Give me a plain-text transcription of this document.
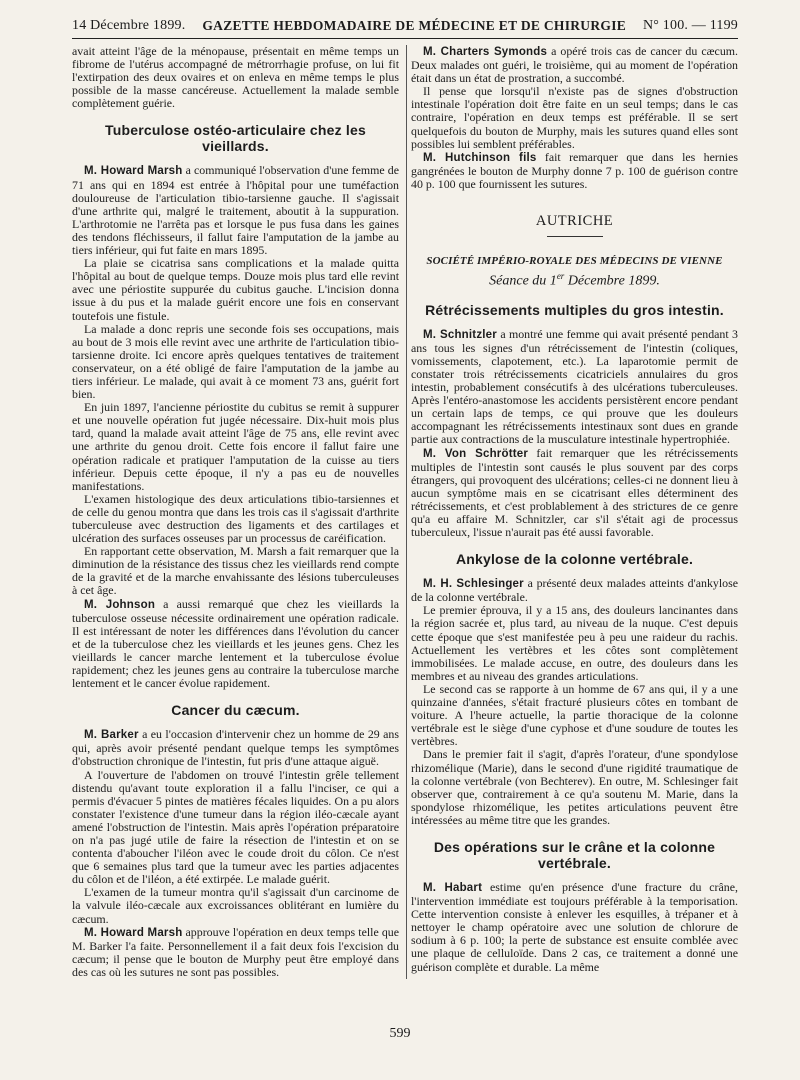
14 Décembre 1899. GAZETTE HEBDOMADAIRE DE MÉDECINE ET DE CHIRURGIE N° 100. — 1199

avait atteint l'âge de la ménopause, présentait en même temps un fibrome de l'utérus accompagné de métrorrhagie profuse, on lui fit l'extirpation des deux ovaires et on enleva en même temps le plus possible de la masse cancéreuse. Actuellement la malade semble complètement guérie.

Tuberculose ostéo-articulaire chez les vieillards.

M. Howard Marsh a communiqué l'observation d'une femme de 71 ans qui en 1894 est entrée à l'hôpital pour une tuméfaction douloureuse de l'articulation tibio-tarsienne gauche. Il s'agissait d'une arthrite qui, malgré le traitement, aboutit à la suppuration. L'arthrotomie ne l'arrêta pas et lorsque le pus fusa dans les gaines des tendons fléchisseurs, il fallut faire l'amputation de la jambe au tiers inférieur, qui fut faite en mars 1895.

La plaie se cicatrisa sans complications et la malade quitta l'hôpital au bout de quelque temps. Douze mois plus tard elle revint avec une périostite suppurée du cubitus gauche. L'incision donna issue à du pus et la malade guérit encore une fois en conservant toutefois une fistule.

La malade a donc repris une seconde fois ses occupations, mais au bout de 3 mois elle revint avec une arthrite de l'articulation tibio-tarsienne droite. Ici encore après quelques tentatives de traitement conservateur, on a été obligé de faire l'amputation de la jambe au tiers inférieur. Le malade, qui avait à ce moment 73 ans, guérit fort bien.

En juin 1897, l'ancienne périostite du cubitus se remit à suppurer et une nouvelle opération fut jugée nécessaire. Dix-huit mois plus tard, quand la malade avait atteint l'âge de 75 ans, elle revint avec une arthrite du genou droit. Cette fois encore il fallut faire une opération radicale et pratiquer l'amputation de la cuisse au tiers inférieur. Depuis cette époque, il n'y a pas eu de nouvelles manifestations.

L'examen histologique des deux articulations tibio-tarsiennes et de celle du genou montra que dans les trois cas il s'agissait d'arthrite tuberculeuse avec destruction des ligaments et des cartilages et ulcération des surfaces osseuses par un processus de caréification.

En rapportant cette observation, M. Marsh a fait remarquer que la diminution de la résistance des tissus chez les vieillards rend compte de la gravité et de la marche envahissante des lésions tuberculeuses à cet âge.

M. Johnson a aussi remarqué que chez les vieillards la tuberculose osseuse nécessite ordinairement une opération radicale. Il est intéressant de noter les différences dans l'évolution du cancer et de la tuberculose chez les vieillards et les jeunes gens. Chez les vieillards le cancer marche lentement et la tuberculose évolue rapidement; chez les jeunes gens au contraire la tuberculose marche lentement et le cancer évolue rapidement.

Cancer du cæcum.

M. Barker a eu l'occasion d'intervenir chez un homme de 29 ans qui, après avoir présenté pendant quelque temps les symptômes d'obstruction chronique de l'intestin, fut pris d'une attaque aiguë.

A l'ouverture de l'abdomen on trouvé l'intestin grêle tellement distendu qu'avant toute exploration il a fallu l'inciser, ce qui a permis d'évacuer 5 pintes de matières fécales liquides. On a pu alors constater l'existence d'une tumeur dans la région iléo-cæcale ayant amené l'obstruction de l'intestin. Mais après l'opération préparatoire on n'a pas jugé utile de faire la résection de l'intestin et on se contenta d'aboucher l'iléon avec le coude droit du côlon. Ce n'est que 6 semaines plus tard que la tumeur avec les parties adjacentes du côlon et de l'iléon, a été extirpée. Le malade guérit.

L'examen de la tumeur montra qu'il s'agissait d'un carcinome de la valvule iléo-cæcale aux excroissances oblitérant en lumière du cæcum.

M. Howard Marsh approuve l'opération en deux temps telle que M. Barker l'a faite. Personnellement il a fait deux fois l'excision du cæcum; il pense que le bouton de Murphy peut être employé dans des cas où les sutures ne sont pas possibles.

M. Charters Symonds a opéré trois cas de cancer du cæcum. Deux malades ont guéri, le troisième, qui au moment de l'opération était dans un état de prostration, a succombé.

Il pense que lorsqu'il n'existe pas de signes d'obstruction intestinale l'opération doit être faite en un seul temps; dans le cas contraire, l'opération en deux temps est préférable. Il se sert quelquefois du bouton de Murphy, mais les sutures quand elles sont possibles lui semblent préférables.

M. Hutchinson fils fait remarquer que dans les hernies gangrénées le bouton de Murphy donne 7 p. 100 de guérison contre 40 p. 100 que fournissent les sutures.

AUTRICHE
SOCIÉTÉ IMPÉRIO-ROYALE DES MÉDECINS DE VIENNE
Séance du 1er Décembre 1899.
Rétrécissements multiples du gros intestin.

M. Schnitzler a montré une femme qui avait présenté pendant 3 ans tous les signes d'un rétrécissement de l'intestin (coliques, vomissements, clapotement, etc.). La laparotomie permit de constater trois rétrécissements cicatriciels annulaires du gros intestin, probablement consécutifs à des ulcérations tuberculeuses. Après l'entéro-anastomose les accidents persistèrent encore pendant un certain laps de temps, ce qui prouve que les douleurs accompagnant les rétrécissements intestinaux sont dues en grande partie aux contractions de la musculature intestinale hypertrophiée.

M. Von Schrötter fait remarquer que les rétrécissements multiples de l'intestin sont causés le plus souvent par des corps étrangers, qui provoquent des ulcérations; celles-ci ne donnent lieu à aucun symptôme mais en se cicatrisant elles déterminent des rétrécissements, et c'est problablement à des strictures de ce genre qu'a eu affaire M. Schnitzler, car s'il s'était agi de processus tuberculeux, l'issue n'aurait pas été aussi favorable.

Ankylose de la colonne vertébrale.

M. H. Schlesinger a présenté deux malades atteints d'ankylose de la colonne vertébrale.

Le premier éprouva, il y a 15 ans, des douleurs lancinantes dans la région sacrée et, plus tard, au niveau de la nuque. C'est depuis cette époque que s'est manifestée peu à peu une raideur du rachis. Actuellement les vertèbres et les côtes sont complètement immobilisées. Le malade accuse, en outre, des douleurs dans les membres et au niveau des grandes articulations.

Le second cas se rapporte à un homme de 67 ans qui, il y a une quinzaine d'années, s'était fracturé plusieurs côtes en tombant de voiture. A l'heure actuelle, la partie thoracique de la colonne vertébrale est le siège d'une cyphose et d'une soudure de toutes les vertèbres.

Dans le premier fait il s'agit, d'après l'orateur, d'une spondylose rhizomélique (Marie), dans le second d'une rigidité traumatique de la colonne vertébrale (von Bechterev). En outre, M. Schlesinger fait observer que, contrairement à ce qu'a soutenu M. Marie, dans la spondylose rhizomélique, les petites articulations peuvent être intéressées au même titre que les grandes.

Des opérations sur le crâne et la colonne vertébrale.

M. Habart estime qu'en présence d'une fracture du crâne, l'intervention immédiate est toujours préférable à la temporisation. Cette intervention consiste à enlever les esquilles, à trépaner et à nettoyer le champ opératoire avec une solution de chlorure de sodium à 6 p. 100; la perte de substance est ensuite comblée avec une plaque de celluloïde. Dans 2 cas, ce traitement a donné une guérison complète et durable. La même

599
